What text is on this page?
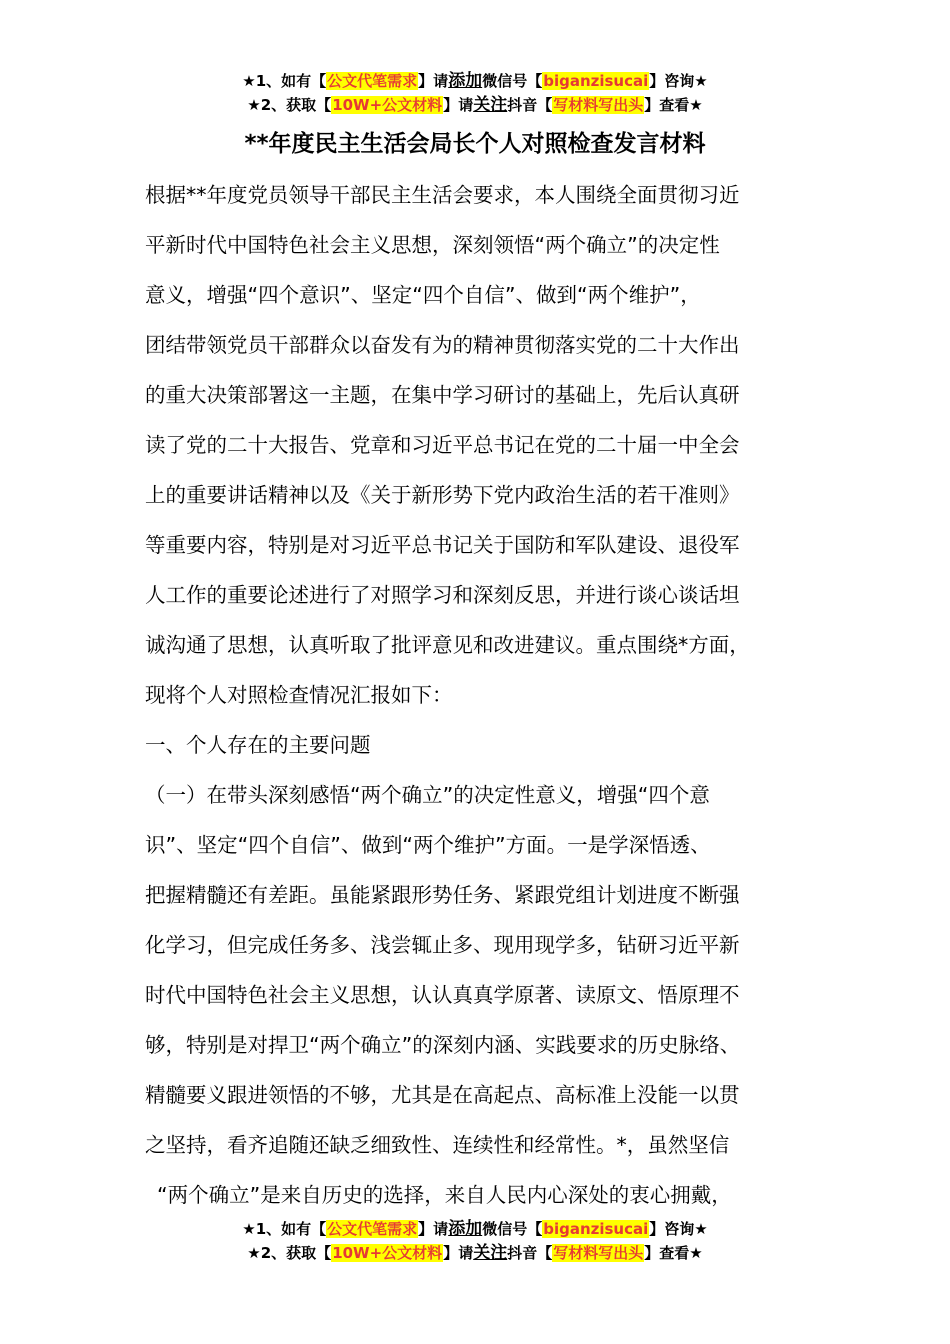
★1、如有【公文代笔需求】请添加微信号【biganzisucai】咨询★
★2、获取【10W+公文材料】请关注抖音【写材料写出头】查看★
**年度民主生活会局长个人对照检查发言材料
根据**年度党员领导干部民主生活会要求，本人围绕全面贯彻习近
平新时代中国特色社会主义思想，深刻领悟“两个确立”的决定性
意义，增强“四个意识”、坚定“四个自信”、做到“两个维护”，
团结带领党员干部群众以奋发有为的精神贯彻落实党的二十大作出
的重大决策部署这一主题，在集中学习研讨的基础上，先后认真研
读了党的二十大报告、党章和习近平总书记在党的二十届一中全会
上的重要讲话精神以及《关于新形势下党内政治生活的若干准则》
等重要内容，特别是对习近平总书记关于国防和军队建设、退役军
人工作的重要论述进行了对照学习和深刻反思，并进行谈心谈话坦
诚沟通了思想，认真听取了批评意见和改进建议。重点围绕*方面，
现将个人对照检查情况汇报如下：
一、个人存在的主要问题
（一）在带头深刻感悟“两个确立”的决定性意义，增强“四个意
识”、坚定“四个自信”、做到“两个维护”方面。一是学深悟透、
把握精髓还有差距。虽能紧跟形势任务、紧跟党组计划进度不断强
化学习，但完成任务多、浅尝辄止多、现用现学多，钻研习近平新
时代中国特色社会主义思想，认认真真学原著、读原文、悟原理不
够，特别是对捍卫“两个确立”的深刻内涵、实践要求的历史脉络、
精髓要义跟进领悟的不够，尤其是在高起点、高标准上没能一以贯
之坚持，看齐追随还缺乏细致性、连续性和经常性。*，虽然坚信
“两个确立”是来自历史的选择，来自人民内心深处的衷心拥戴，
★1、如有【公文代笔需求】请添加微信号【biganzisucai】咨询★
★2、获取【10W+公文材料】请关注抖音【写材料写出头】查看★
